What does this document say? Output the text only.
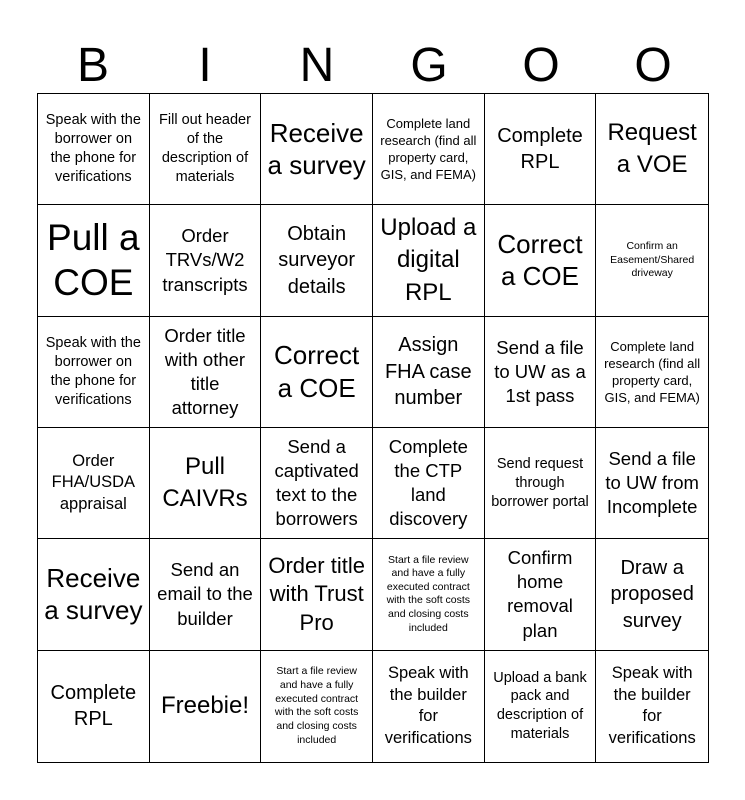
B	I	N	G	O	O
Speak with the borrower on the phone for verifications
Fill out header of the description of materials
Receive a survey
Complete land research (find all property card, GIS, and FEMA)
Complete RPL
Request a VOE
Pull a COE
Order TRVs/W2 transcripts
Obtain surveyor details
Upload a digital RPL
Correct a COE
Confirm an Easement/Shared driveway
Speak with the borrower on the phone for verifications
Order title with other title attorney
Correct a COE
Assign FHA case number
Send a file to UW as a 1st pass
Complete land research (find all property card, GIS, and FEMA)
Order FHA/USDA appraisal
Pull CAIVRs
Send a captivated text to the borrowers
Complete the CTP land discovery
Send request through borrower portal
Send a file to UW from Incomplete
Receive a survey
Send an email to the builder
Order title with Trust Pro
Start a file review and have a fully executed contract with the soft costs and closing costs included
Confirm home removal plan
Draw a proposed survey
Complete RPL
Freebie!
Start a file review and have a fully executed contract with the soft costs and closing costs included
Speak with the builder for verifications
Upload a bank pack and description of materials
Speak with the builder for verifications
